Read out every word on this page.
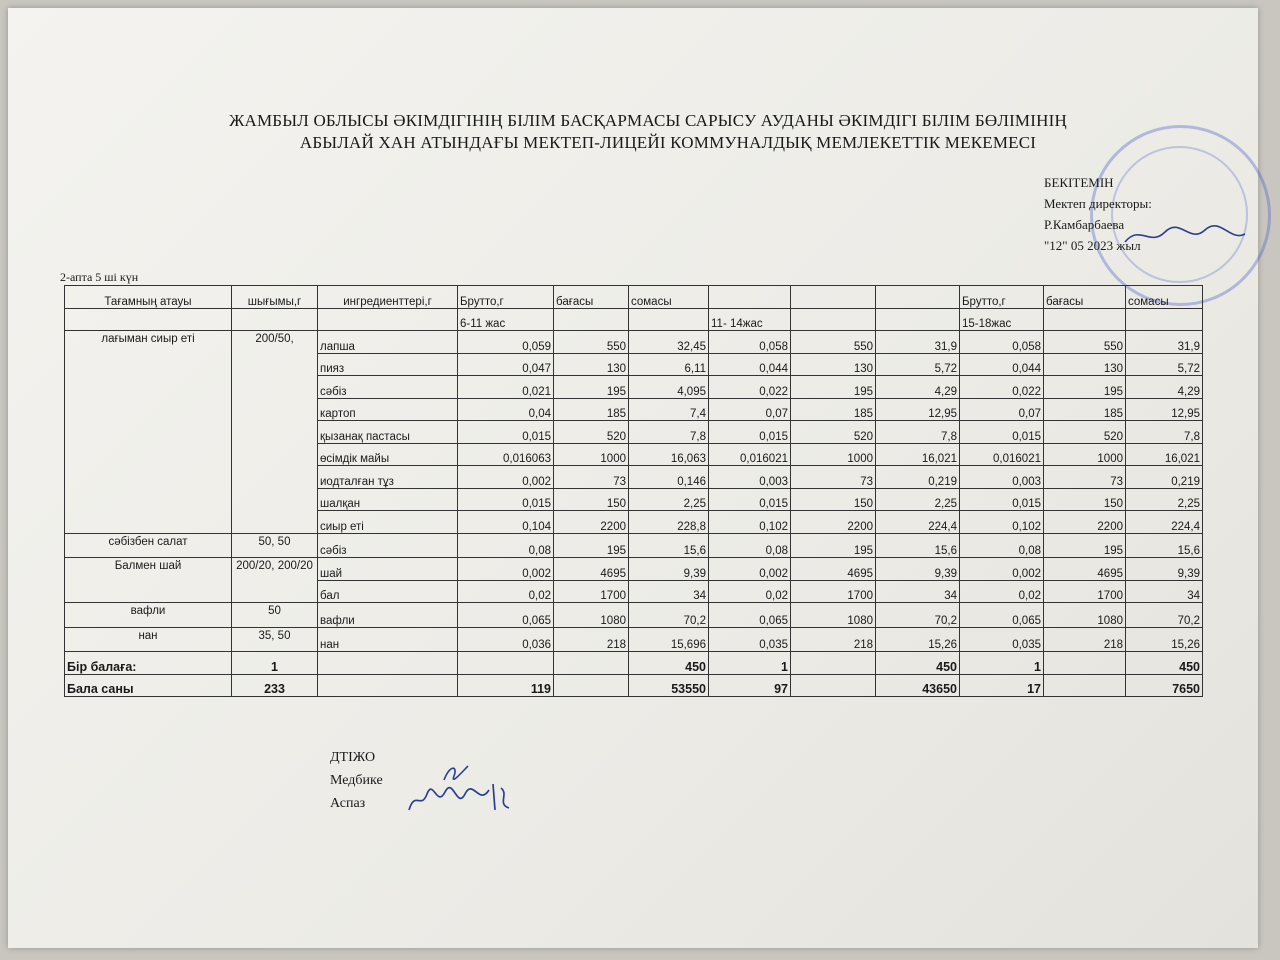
ЖАМБЫЛ ОБЛЫСЫ ӘКІМДІГІНІҢ БІЛІМ БАСҚАРМАСЫ САРЫСУ АУДАНЫ ӘКІМДІГІ БІЛІМ БӨЛІМІНІҢ
АБЫЛАЙ ХАН АТЫНДАҒЫ МЕКТЕП-ЛИЦЕЙІ КОММУНАЛДЫҚ МЕМЛЕКЕТТІК МЕКЕМЕСІ
БЕКІТЕМІН
Мектеп директоры:
Р.Камбарбаева
"12" 05 2023 жыл
2-апта 5 ші күн
Тағамның атауы	шығымы,г	ингредиенттері,г	Брутто,г	бағасы	сомасы				Брутто,г	бағасы	сомасы
			6-11 жас			11- 14жас			15-18жас		
лағыман сиыр еті	200/50,	лапша	0,059	550	32,45	0,058	550	31,9	0,058	550	31,9
		пияз	0,047	130	6,11	0,044	130	5,72	0,044	130	5,72
		сәбіз	0,021	195	4,095	0,022	195	4,29	0,022	195	4,29
		картоп	0,04	185	7,4	0,07	185	12,95	0,07	185	12,95
		қызанақ пастасы	0,015	520	7,8	0,015	520	7,8	0,015	520	7,8
		өсімдік майы	0,016063	1000	16,063	0,016021	1000	16,021	0,016021	1000	16,021
		иодталған тұз	0,002	73	0,146	0,003	73	0,219	0,003	73	0,219
		шалқан	0,015	150	2,25	0,015	150	2,25	0,015	150	2,25
		сиыр еті	0,104	2200	228,8	0,102	2200	224,4	0,102	2200	224,4
сәбізбен салат	50, 50	сәбіз	0,08	195	15,6	0,08	195	15,6	0,08	195	15,6
Балмен шай	200/20, 200/20	шай	0,002	4695	9,39	0,002	4695	9,39	0,002	4695	9,39
		бал	0,02	1700	34	0,02	1700	34	0,02	1700	34
вафли	50	вафли	0,065	1080	70,2	0,065	1080	70,2	0,065	1080	70,2
нан	35, 50	нан	0,036	218	15,696	0,035	218	15,26	0,035	218	15,26
Бір балаға:	1				450	1		450	1		450
Бала саны	233		119		53550	97		43650	17		7650
ДТІЖО
Медбике
Аспаз
